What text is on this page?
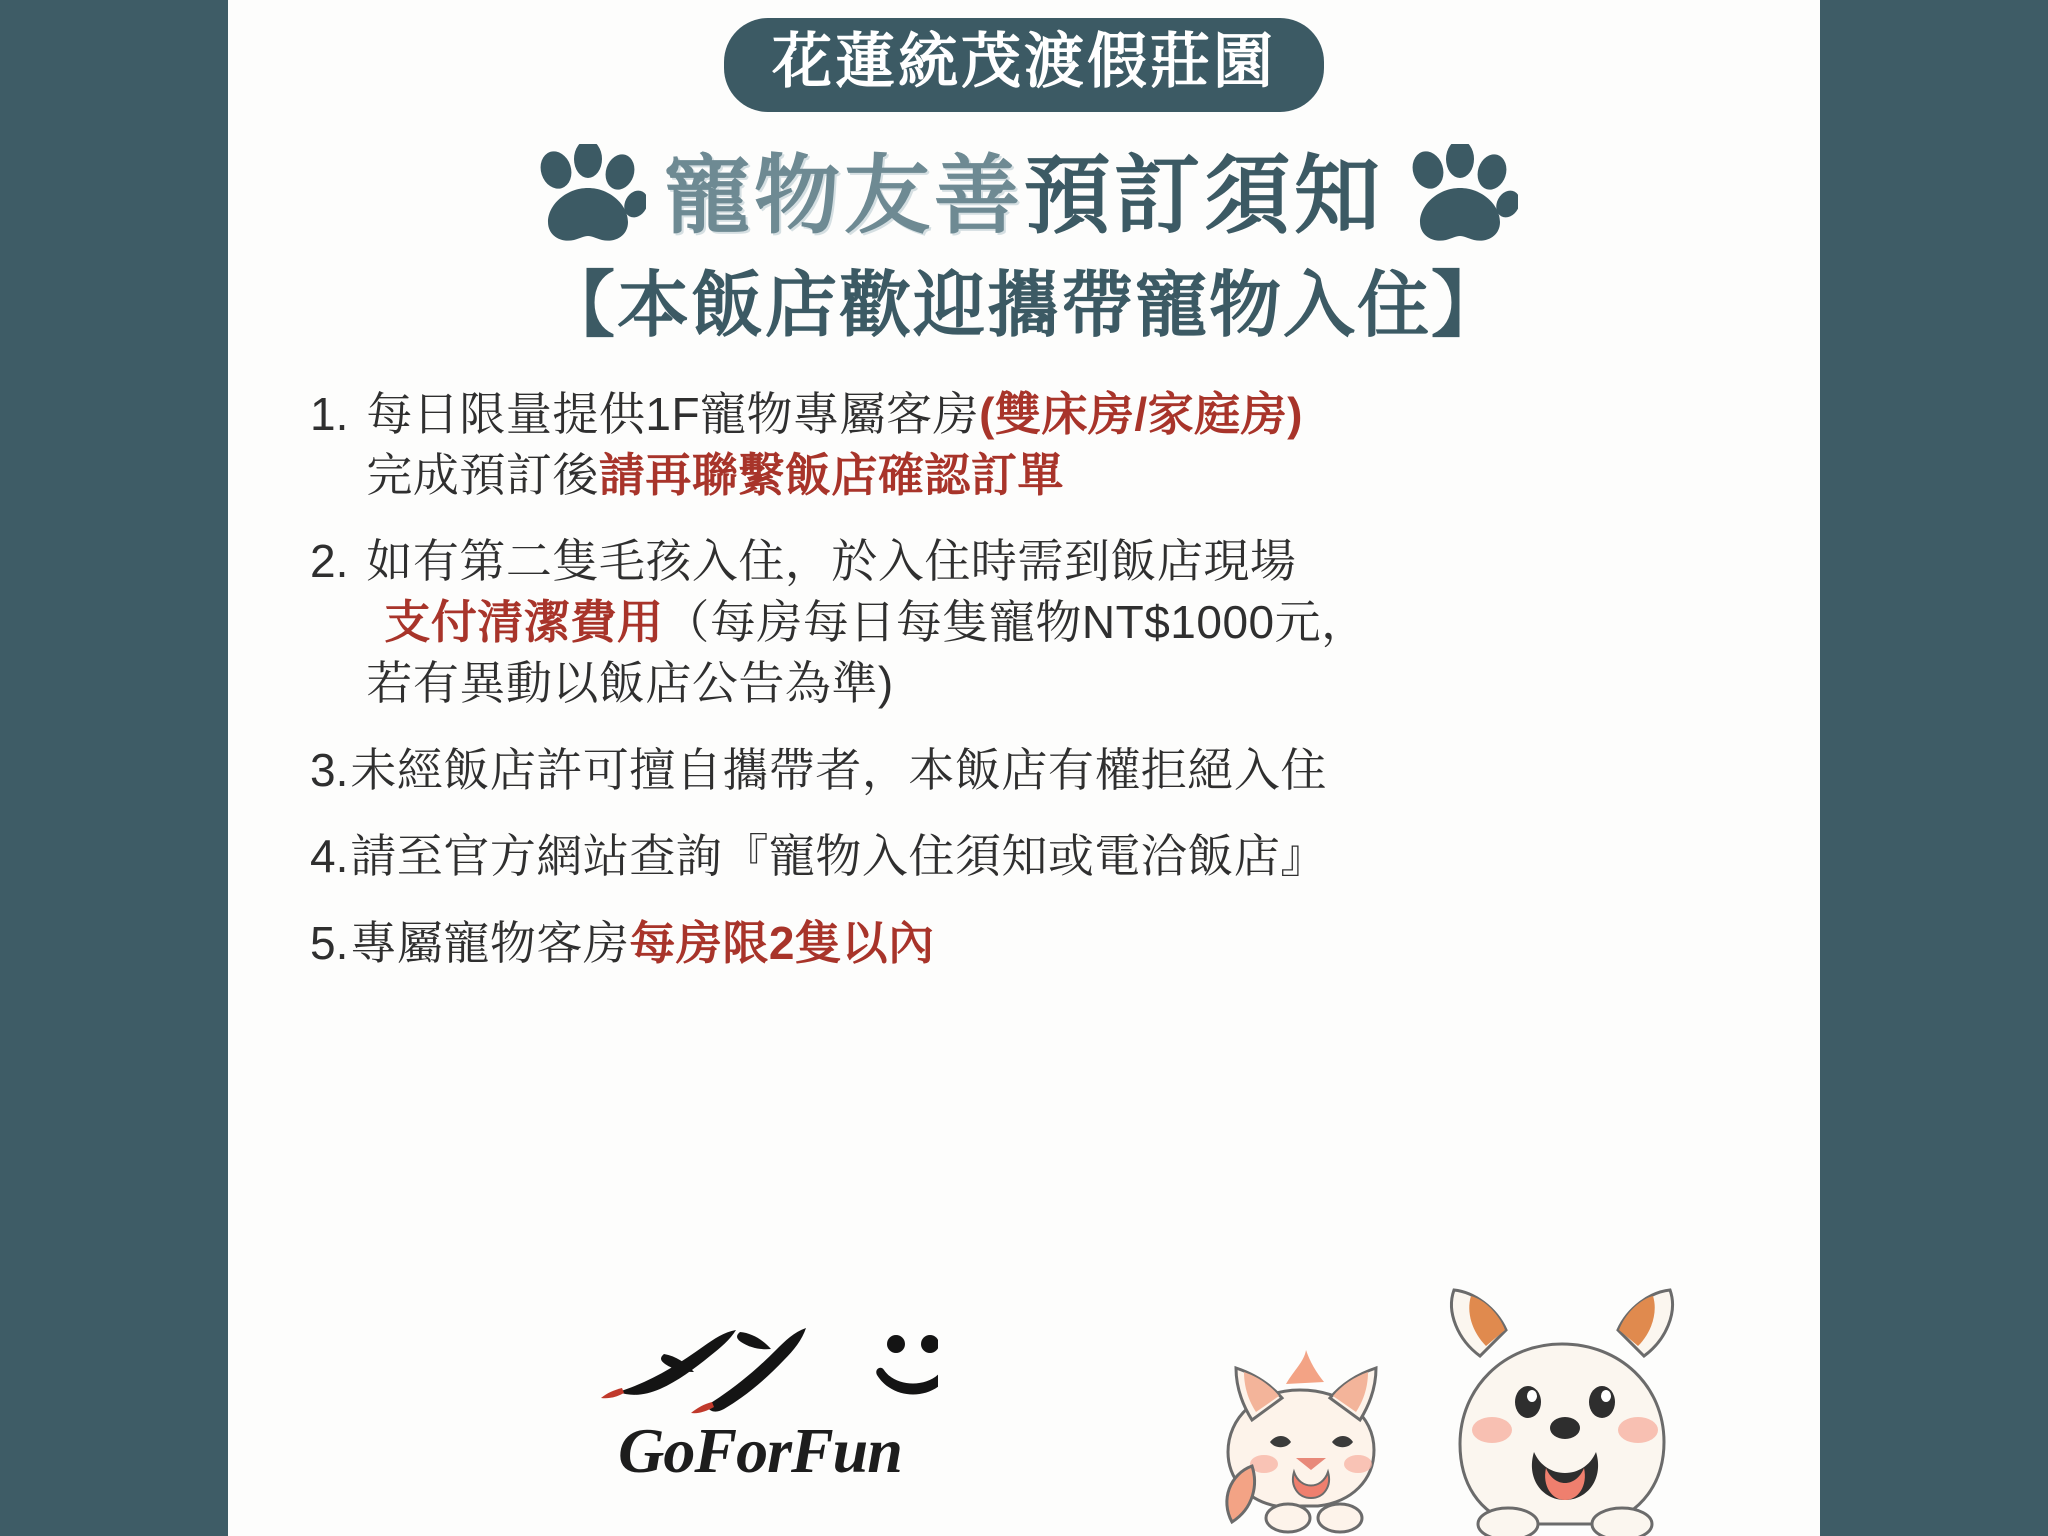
花蓮統茂渡假莊園
寵物友善預訂須知
【本飯店歡迎攜帶寵物入住】
1. 每日限量提供1F寵物專屬客房(雙床房/家庭房)
完成預訂後請再聯繫飯店確認訂單
2. 如有第二隻毛孩入住，於入住時需到飯店現場
支付清潔費用（每房每日每隻寵物NT$1000元，
若有異動以飯店公告為準)
3. 未經飯店許可擅自攜帶者，本飯店有權拒絕入住
4. 請至官方網站查詢『寵物入住須知或電洽飯店』
5. 專屬寵物客房每房限2隻以內
GoForFun
